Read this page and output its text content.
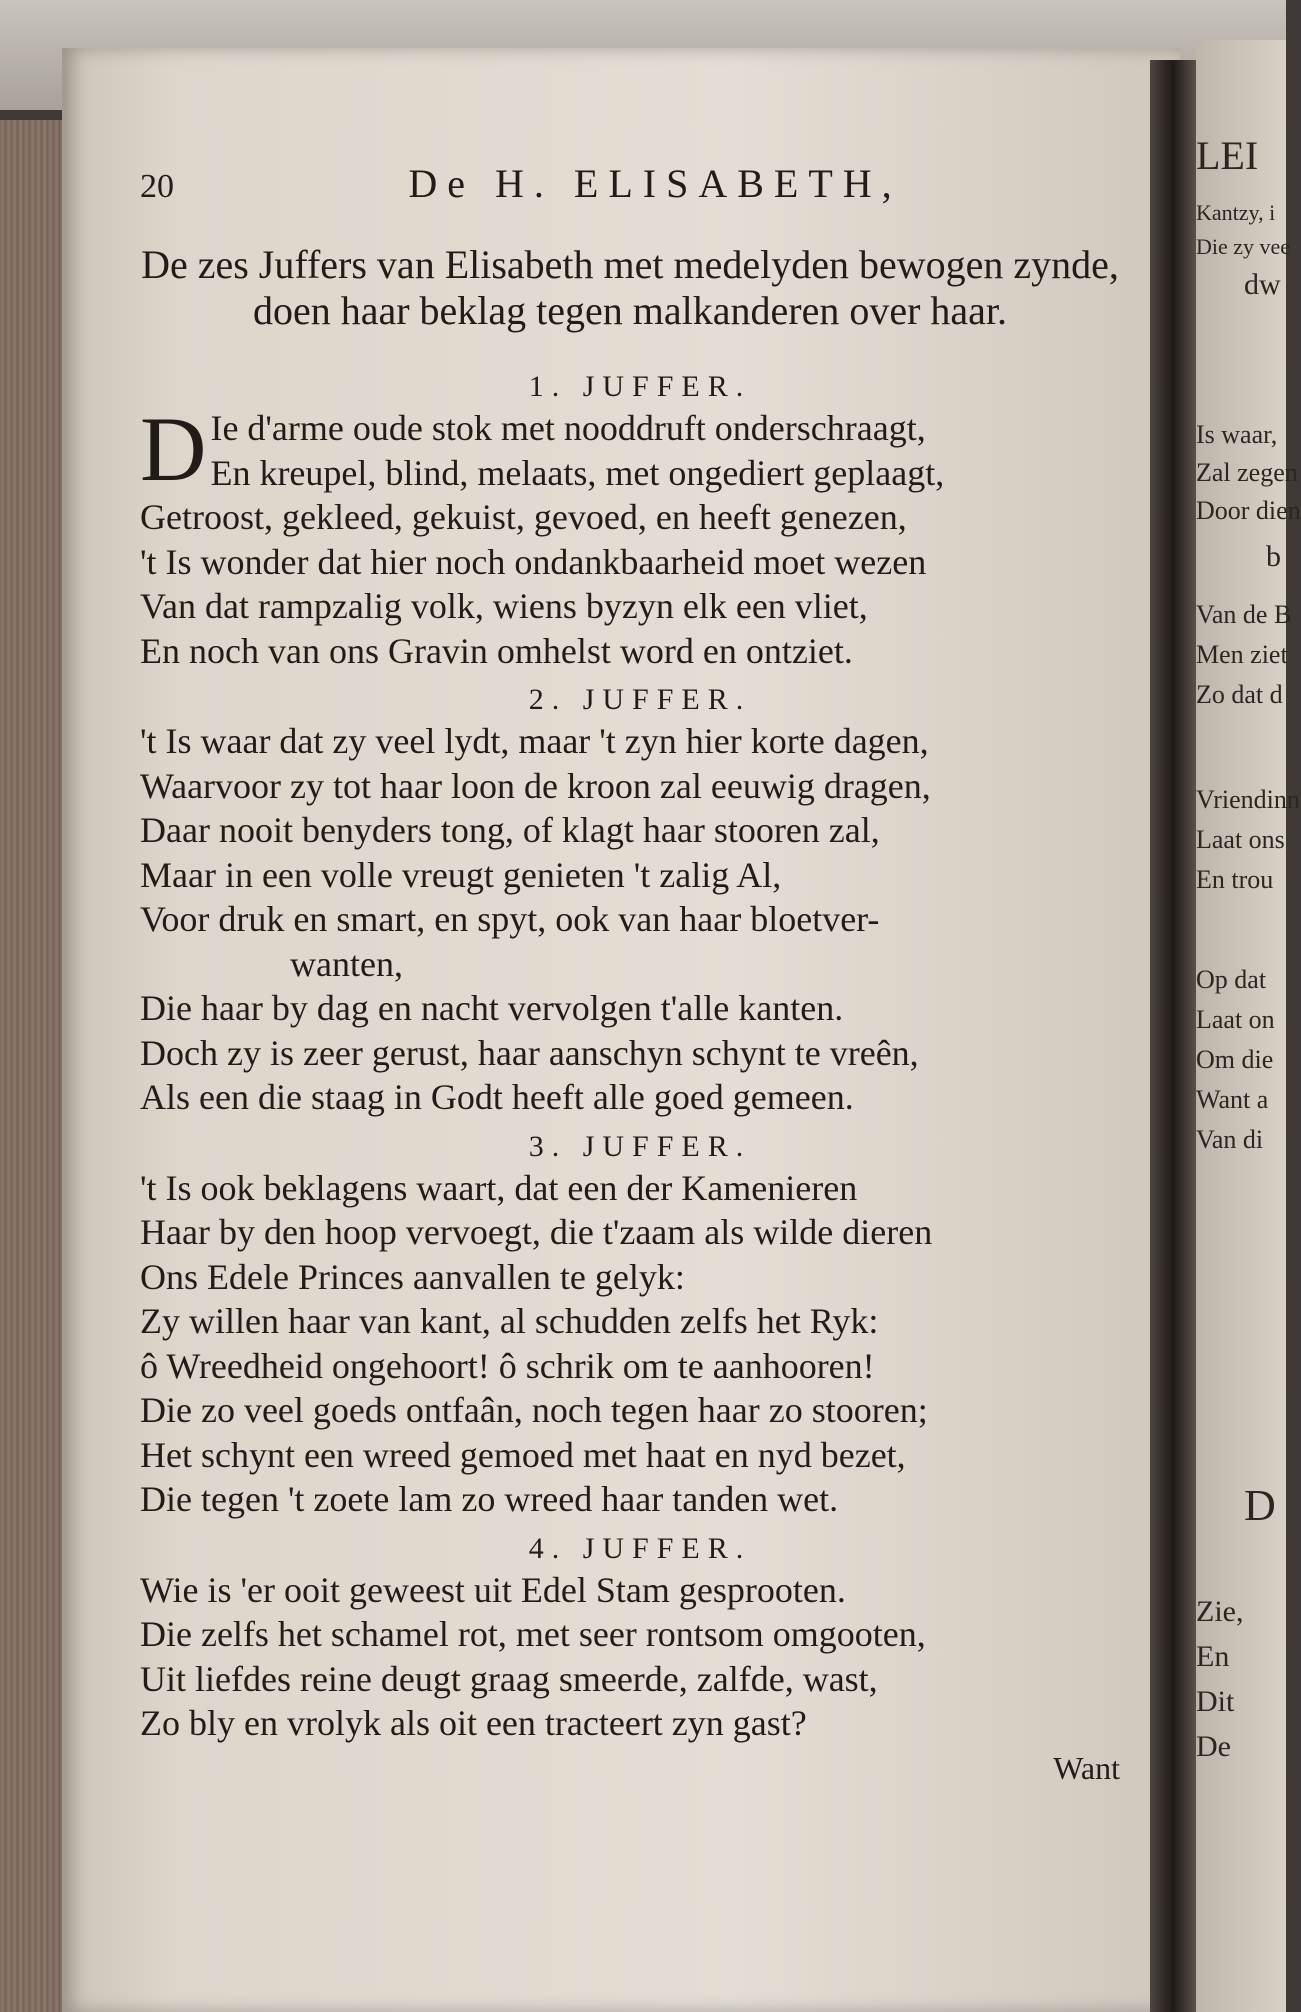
LEI
Kantzy, i
Die zy vee
dw
Is waar,
Zal zegen
Door dien
b
Van de B
Men ziet
Zo dat d
Vriendinn
Laat ons
En trou
Op dat
Laat on
Om die
Want a
Van di
D
Zie,
En
Dit
De
20	De H. ELISABETH,
De zes Juffers van Elisabeth met medelyden bewogen zynde, doen haar beklag tegen malkanderen over haar.
1. JUFFER.
D Ie d'arme oude stok met nooddruft onderschraagt,
En kreupel, blind, melaats, met ongediert geplaagt,
Getroost, gekleed, gekuist, gevoed, en heeft genezen,
't Is wonder dat hier noch ondankbaarheid moet wezen
Van dat rampzalig volk, wiens byzyn elk een vliet,
En noch van ons Gravin omhelst word en ontziet.
2. JUFFER.
't Is waar dat zy veel lydt, maar 't zyn hier korte dagen,
Waarvoor zy tot haar loon de kroon zal eeuwig dragen,
Daar nooit benyders tong, of klagt haar stooren zal,
Maar in een volle vreugt genieten 't zalig Al,
Voor druk en smart, en spyt, ook van haar bloetver-
wanten,
Die haar by dag en nacht vervolgen t'alle kanten.
Doch zy is zeer gerust, haar aanschyn schynt te vreên,
Als een die staag in Godt heeft alle goed gemeen.
3. JUFFER.
't Is ook beklagens waart, dat een der Kamenieren
Haar by den hoop vervoegt, die t'zaam als wilde dieren
Ons Edele Princes aanvallen te gelyk:
Zy willen haar van kant, al schudden zelfs het Ryk:
ô Wreedheid ongehoort! ô schrik om te aanhooren!
Die zo veel goeds ontfaân, noch tegen haar zo stooren;
Het schynt een wreed gemoed met haat en nyd bezet,
Die tegen 't zoete lam zo wreed haar tanden wet.
4. JUFFER.
Wie is 'er ooit geweest uit Edel Stam gesprooten.
Die zelfs het schamel rot, met seer rontsom omgooten,
Uit liefdes reine deugt graag smeerde, zalfde, wast,
Zo bly en vrolyk als oit een tracteert zyn gast?
Want
